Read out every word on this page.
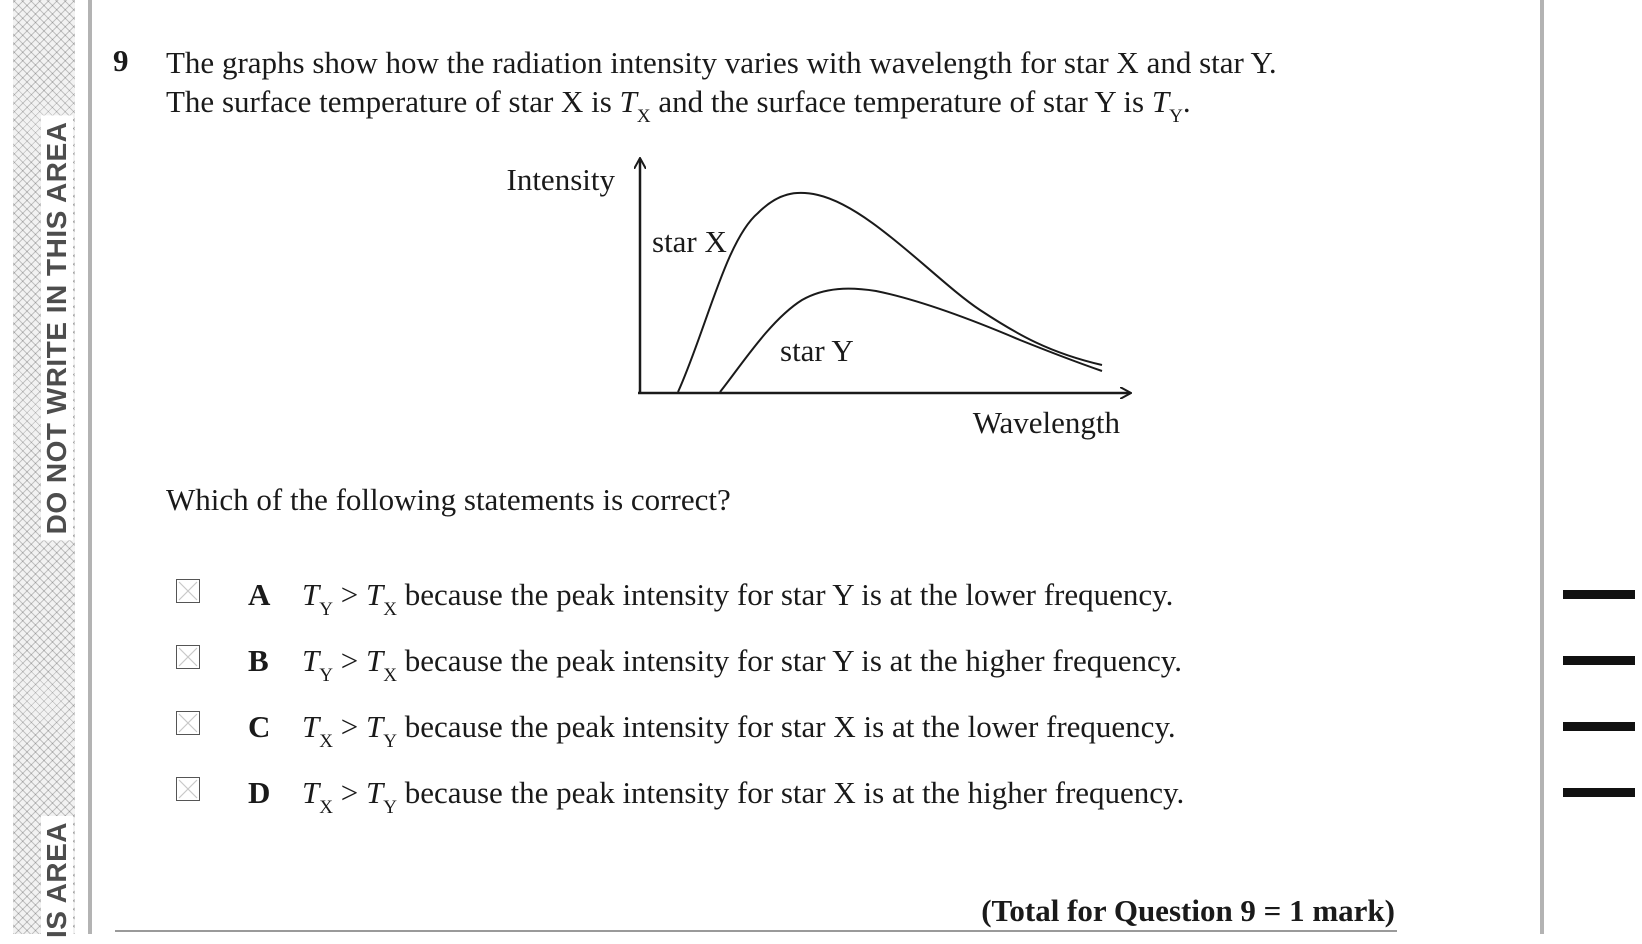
DO NOT WRITE IN THIS AREA
IS AREA
9 The graphs show how the radiation intensity varies with wavelength for star X and star Y.
The surface temperature of star X is $T_X$ and the surface temperature of star Y is $T_Y$.
Intensity
Wavelength
star X
star Y
Which of the following statements is correct?
A $T_Y > T_X$ because the peak intensity for star Y is at the lower frequency.
B $T_Y > T_X$ because the peak intensity for star Y is at the higher frequency.
C $T_X > T_Y$ because the peak intensity for star X is at the lower frequency.
D $T_X > T_Y$ because the peak intensity for star X is at the higher frequency.
(Total for Question 9 = 1 mark)
